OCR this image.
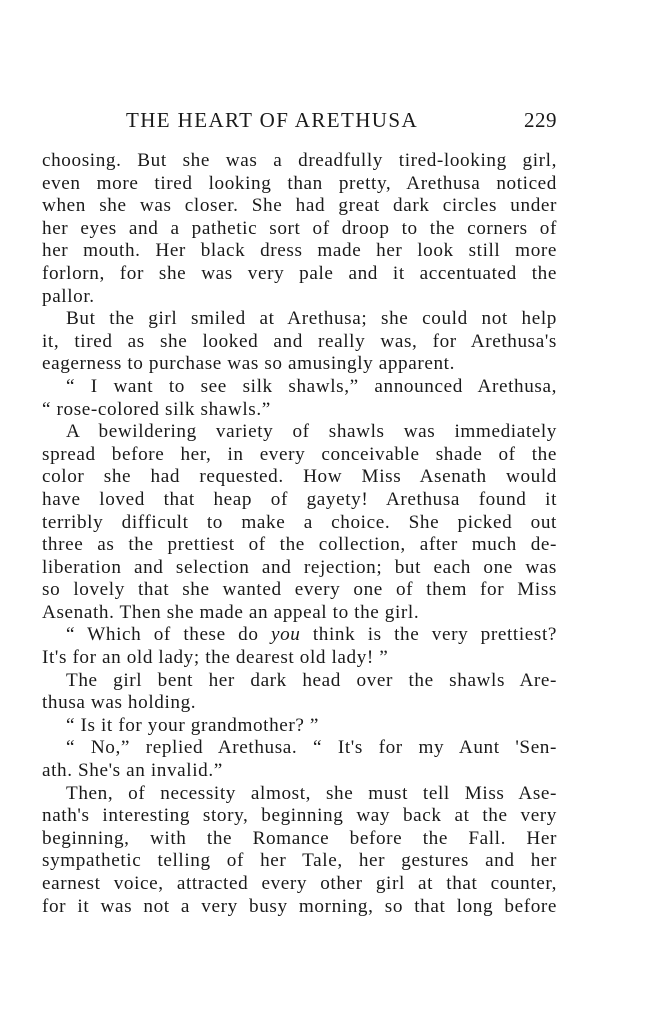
THE HEART OF ARETHUSA	229
choosing. But she was a dreadfully tired-looking girl,
even more tired looking than pretty, Arethusa noticed
when she was closer. She had great dark circles under
her eyes and a pathetic sort of droop to the corners of
her mouth. Her black dress made her look still more
forlorn, for she was very pale and it accentuated the
pallor.
But the girl smiled at Arethusa; she could not help
it, tired as she looked and really was, for Arethusa's
eagerness to purchase was so amusingly apparent.
“ I want to see silk shawls,” announced Arethusa,
“ rose-colored silk shawls.”
A bewildering variety of shawls was immediately
spread before her, in every conceivable shade of the
color she had requested. How Miss Asenath would
have loved that heap of gayety! Arethusa found it
terribly difficult to make a choice. She picked out
three as the prettiest of the collection, after much de-
liberation and selection and rejection; but each one was
so lovely that she wanted every one of them for Miss
Asenath. Then she made an appeal to the girl.
“ Which of these do you think is the very prettiest?
It's for an old lady; the dearest old lady! ”
The girl bent her dark head over the shawls Are-
thusa was holding.
“ Is it for your grandmother? ”
“ No,” replied Arethusa. “ It's for my Aunt 'Sen-
ath. She's an invalid.”
Then, of necessity almost, she must tell Miss Ase-
nath's interesting story, beginning way back at the very
beginning, with the Romance before the Fall. Her
sympathetic telling of her Tale, her gestures and her
earnest voice, attracted every other girl at that counter,
for it was not a very busy morning, so that long before
